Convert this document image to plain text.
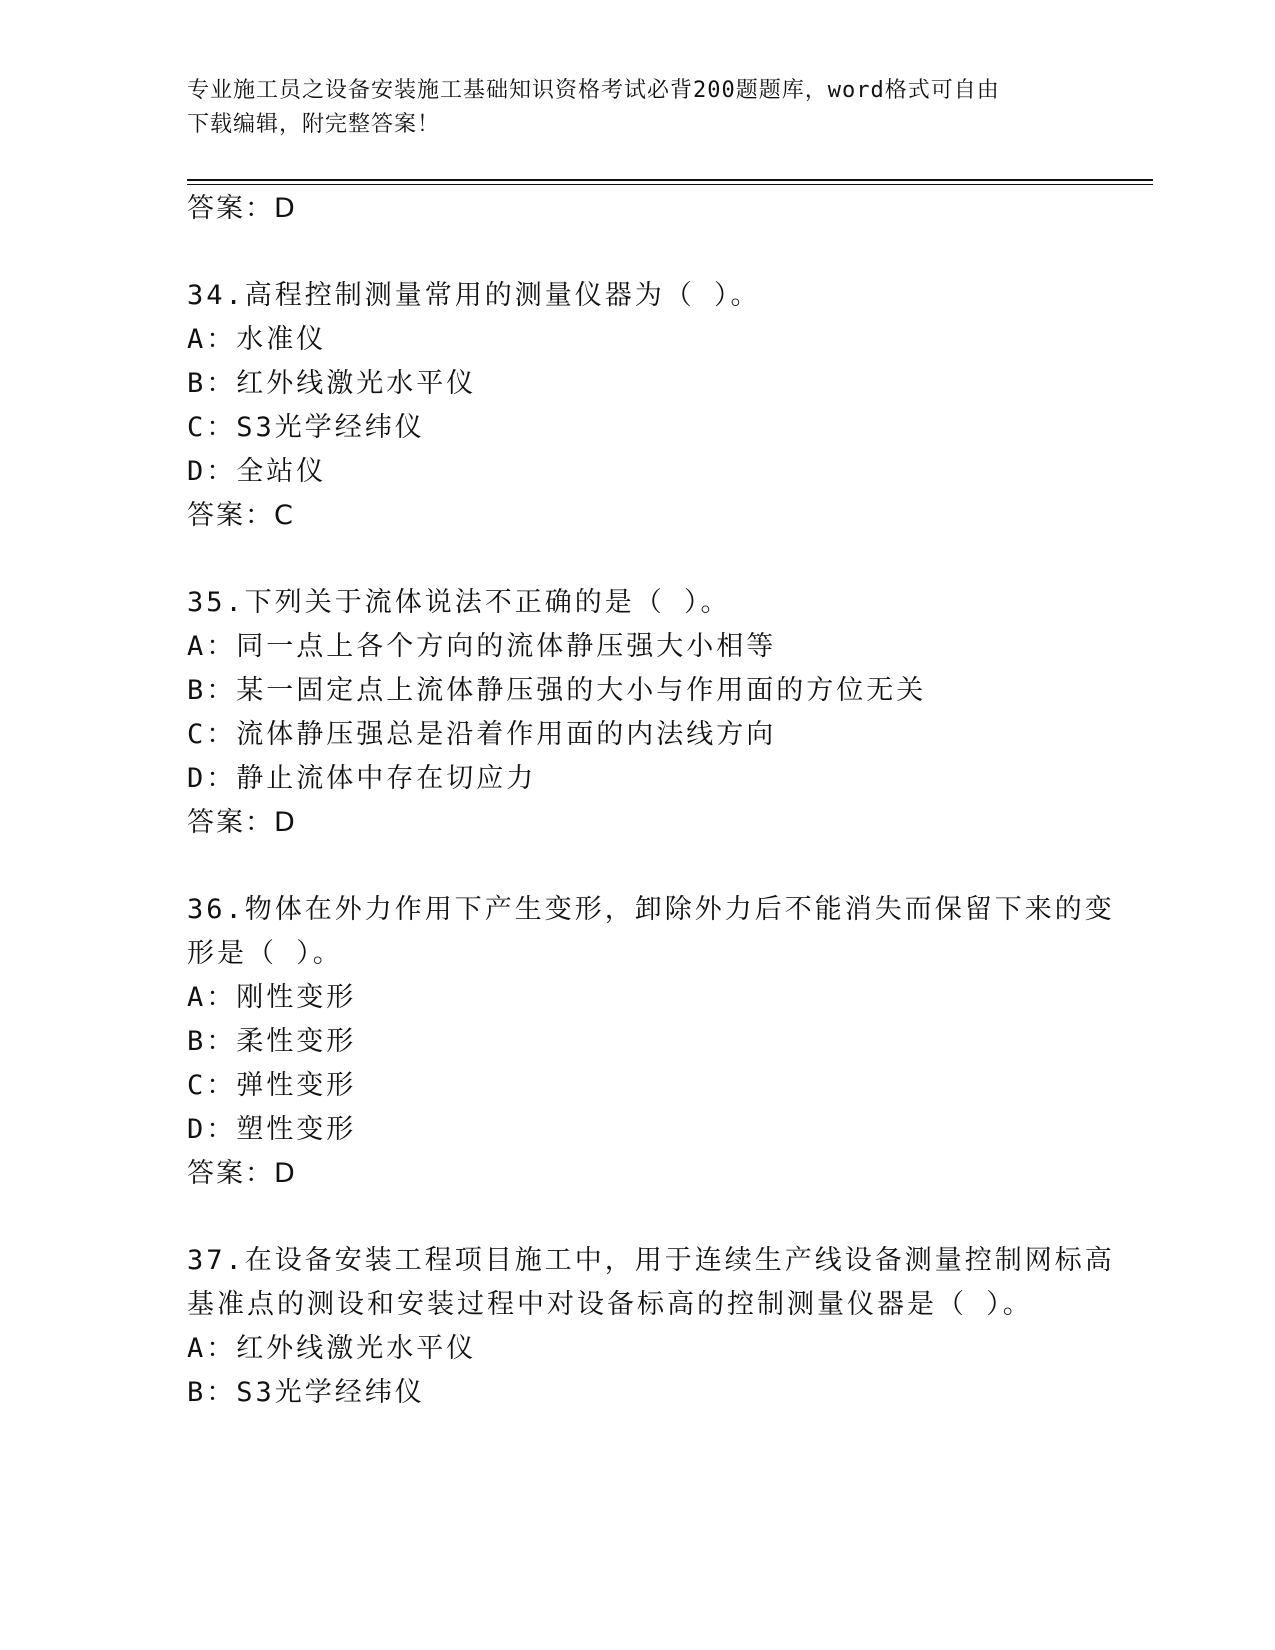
专业施工员之设备安装施工基础知识资格考试必背200题题库，word格式可自由
下载编辑，附完整答案！
答案：D
34.高程控制测量常用的测量仪器为（ ）。
A：水准仪
B：红外线激光水平仪
C：S3光学经纬仪
D：全站仪
答案：C
35.下列关于流体说法不正确的是（ ）。
A：同一点上各个方向的流体静压强大小相等
B：某一固定点上流体静压强的大小与作用面的方位无关
C：流体静压强总是沿着作用面的内法线方向
D：静止流体中存在切应力
答案：D
36.物体在外力作用下产生变形，卸除外力后不能消失而保留下来的变
形是（ ）。
A：刚性变形
B：柔性变形
C：弹性变形
D：塑性变形
答案：D
37.在设备安装工程项目施工中，用于连续生产线设备测量控制网标高
基准点的测设和安装过程中对设备标高的控制测量仪器是（ ）。
A：红外线激光水平仪
B：S3光学经纬仪
